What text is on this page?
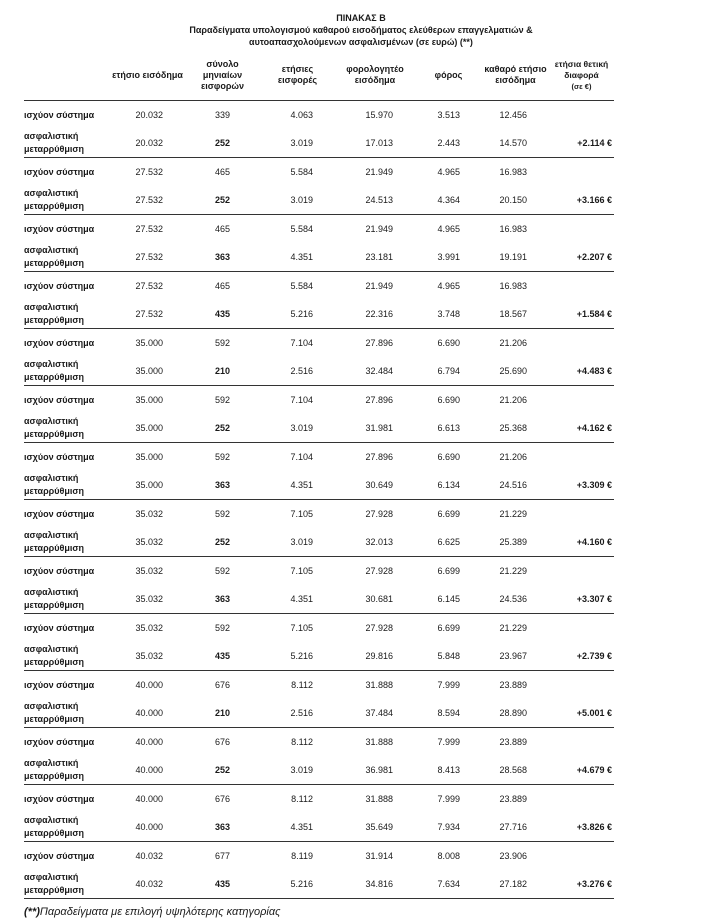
ΠΙΝΑΚΑΣ Β
Παραδείγματα υπολογισμού καθαρού εισοδήματος ελεύθερων επαγγελματιών &
αυτοαπασχολούμενων ασφαλισμένων (σε ευρώ) (**)
	ετήσιο εισόδημα	σύνολο μηνιαίων εισφορών	ετήσιες εισφορές	φορολογητέο εισόδημα	φόρος	καθαρό ετήσιο εισόδημα	ετήσια θετική διαφορά
(σε €)
ισχύον σύστημα	20.032	339	4.063	15.970	3.513	12.456	
ασφαλιστική μεταρρύθμιση	20.032	252	3.019	17.013	2.443	14.570	+2.114 €
ισχύον σύστημα	27.532	465	5.584	21.949	4.965	16.983	
ασφαλιστική μεταρρύθμιση	27.532	252	3.019	24.513	4.364	20.150	+3.166 €
ισχύον σύστημα	27.532	465	5.584	21.949	4.965	16.983	
ασφαλιστική μεταρρύθμιση	27.532	363	4.351	23.181	3.991	19.191	+2.207 €
ισχύον σύστημα	27.532	465	5.584	21.949	4.965	16.983	
ασφαλιστική μεταρρύθμιση	27.532	435	5.216	22.316	3.748	18.567	+1.584 €
ισχύον σύστημα	35.000	592	7.104	27.896	6.690	21.206	
ασφαλιστική μεταρρύθμιση	35.000	210	2.516	32.484	6.794	25.690	+4.483 €
ισχύον σύστημα	35.000	592	7.104	27.896	6.690	21.206	
ασφαλιστική μεταρρύθμιση	35.000	252	3.019	31.981	6.613	25.368	+4.162 €
ισχύον σύστημα	35.000	592	7.104	27.896	6.690	21.206	
ασφαλιστική μεταρρύθμιση	35.000	363	4.351	30.649	6.134	24.516	+3.309 €
ισχύον σύστημα	35.032	592	7.105	27.928	6.699	21.229	
ασφαλιστική μεταρρύθμιση	35.032	252	3.019	32.013	6.625	25.389	+4.160 €
ισχύον σύστημα	35.032	592	7.105	27.928	6.699	21.229	
ασφαλιστική μεταρρύθμιση	35.032	363	4.351	30.681	6.145	24.536	+3.307 €
ισχύον σύστημα	35.032	592	7.105	27.928	6.699	21.229	
ασφαλιστική μεταρρύθμιση	35.032	435	5.216	29.816	5.848	23.967	+2.739 €
ισχύον σύστημα	40.000	676	8.112	31.888	7.999	23.889	
ασφαλιστική μεταρρύθμιση	40.000	210	2.516	37.484	8.594	28.890	+5.001 €
ισχύον σύστημα	40.000	676	8.112	31.888	7.999	23.889	
ασφαλιστική μεταρρύθμιση	40.000	252	3.019	36.981	8.413	28.568	+4.679 €
ισχύον σύστημα	40.000	676	8.112	31.888	7.999	23.889	
ασφαλιστική μεταρρύθμιση	40.000	363	4.351	35.649	7.934	27.716	+3.826 €
ισχύον σύστημα	40.032	677	8.119	31.914	8.008	23.906	
ασφαλιστική μεταρρύθμιση	40.032	435	5.216	34.816	7.634	27.182	+3.276 €
(**)Παραδείγματα με επιλογή υψηλότερης κατηγορίας
